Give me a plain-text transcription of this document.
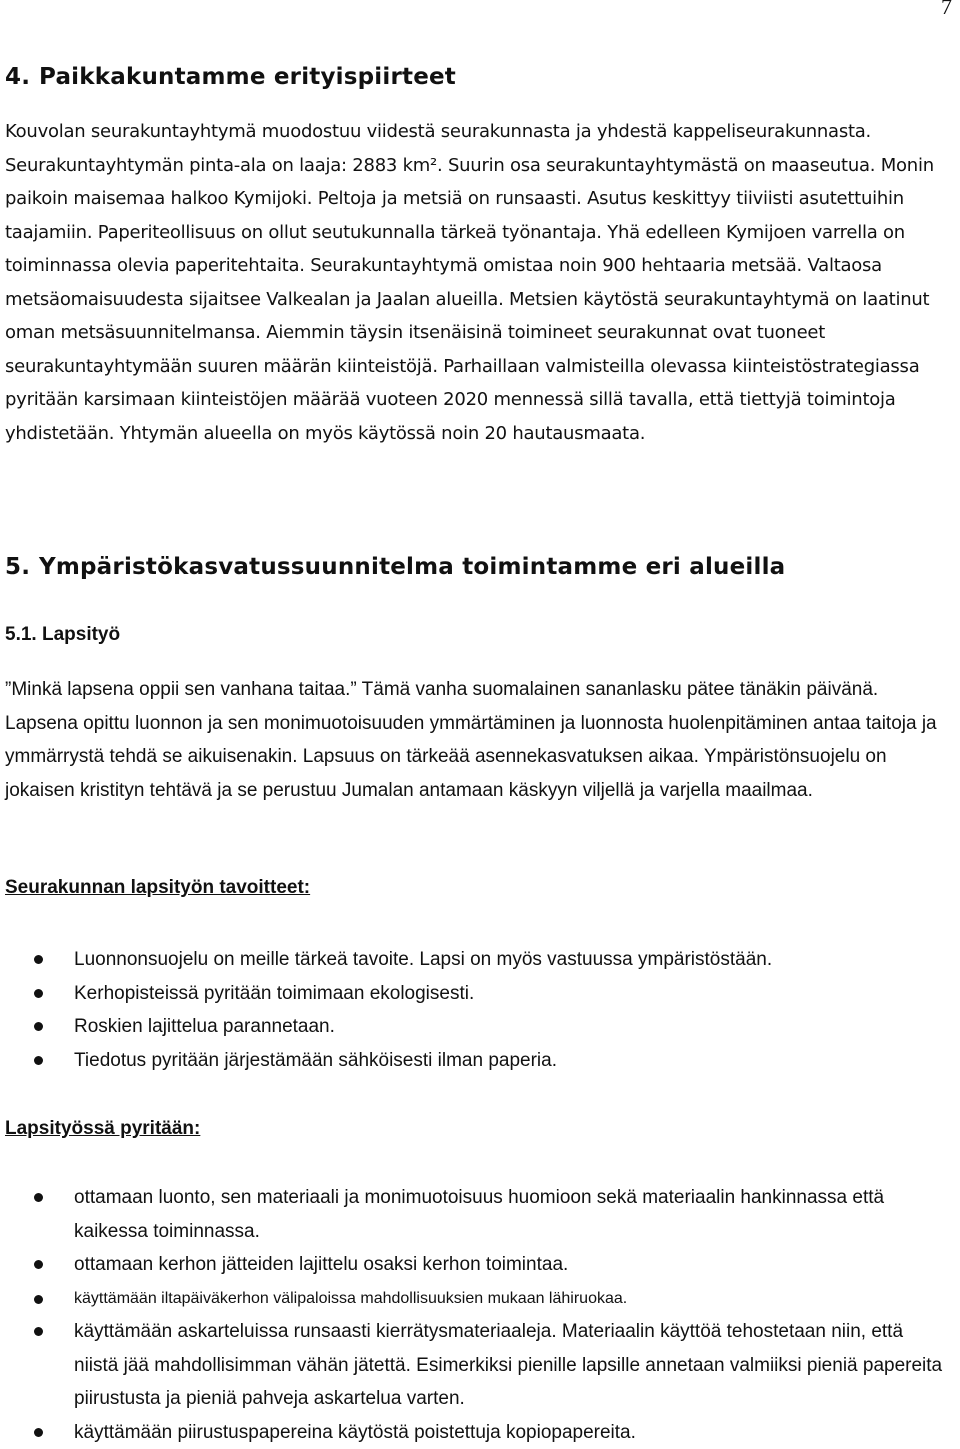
7
4. Paikkakuntamme erityispiirteet

Kouvolan seurakuntayhtymä muodostuu viidestä seurakunnasta ja yhdestä kappeliseurakunnasta. Seurakuntayhtymän pinta-ala on laaja: 2883 km². Suurin osa seurakuntayhtymästä on maaseutua. Monin paikoin maisemaa halkoo Kymijoki. Peltoja ja metsiä on runsaasti. Asutus keskittyy tiiviisti asutettuihin taajamiin. Paperiteollisuus on ollut seutukunnalla tärkeä työnantaja. Yhä edelleen Kymijoen varrella on toiminnassa olevia paperitehtaita. Seurakuntayhtymä omistaa noin 900 hehtaaria metsää. Valtaosa metsäomaisuudesta sijaitsee Valkealan ja Jaalan alueilla. Metsien käytöstä seurakuntayhtymä on laatinut oman metsäsuunnitelmansa. Aiemmin täysin itsenäisinä toimineet seurakunnat ovat tuoneet seurakuntayhtymään suuren määrän kiinteistöjä. Parhaillaan valmisteilla olevassa kiinteistöstrategiassa pyritään karsimaan kiinteistöjen määrää vuoteen 2020 mennessä sillä tavalla, että tiettyjä toimintoja yhdistetään. Yhtymän alueella on myös käytössä noin 20 hautausmaata.

5. Ympäristökasvatussuunnitelma toimintamme eri alueilla
5.1. Lapsityö

”Minkä lapsena oppii sen vanhana taitaa.” Tämä vanha suomalainen sananlasku pätee tänäkin päivänä. Lapsena opittu luonnon ja sen monimuotoisuuden ymmärtäminen ja luonnosta huolenpitäminen antaa taitoja ja ymmärrystä tehdä se aikuisenakin. Lapsuus on tärkeää asennekasvatuksen aikaa. Ympäristönsuojelu on jokaisen kristityn tehtävä ja se perustuu Jumalan antamaan käskyyn viljellä ja varjella maailmaa.

Seurakunnan lapsityön tavoitteet:
Luonnonsuojelu on meille tärkeä tavoite. Lapsi on myös vastuussa ympäristöstään.
Kerhopisteissä pyritään toimimaan ekologisesti.
Roskien lajittelua parannetaan.
Tiedotus pyritään järjestämään sähköisesti ilman paperia.
Lapsityössä pyritään:
ottamaan luonto, sen materiaali ja monimuotoisuus huomioon sekä materiaalin hankinnassa että kaikessa toiminnassa.
ottamaan kerhon jätteiden lajittelu osaksi kerhon toimintaa.
käyttämään iltapäiväkerhon välipaloissa mahdollisuuksien mukaan lähiruokaa.
käyttämään askarteluissa runsaasti kierrätysmateriaaleja. Materiaalin käyttöä tehostetaan niin, että niistä jää mahdollisimman vähän jätettä. Esimerkiksi pienille lapsille annetaan valmiiksi pieniä papereita piirustusta ja pieniä pahveja askartelua varten.
käyttämään piirustuspapereina käytöstä poistettuja kopiopapereita.
